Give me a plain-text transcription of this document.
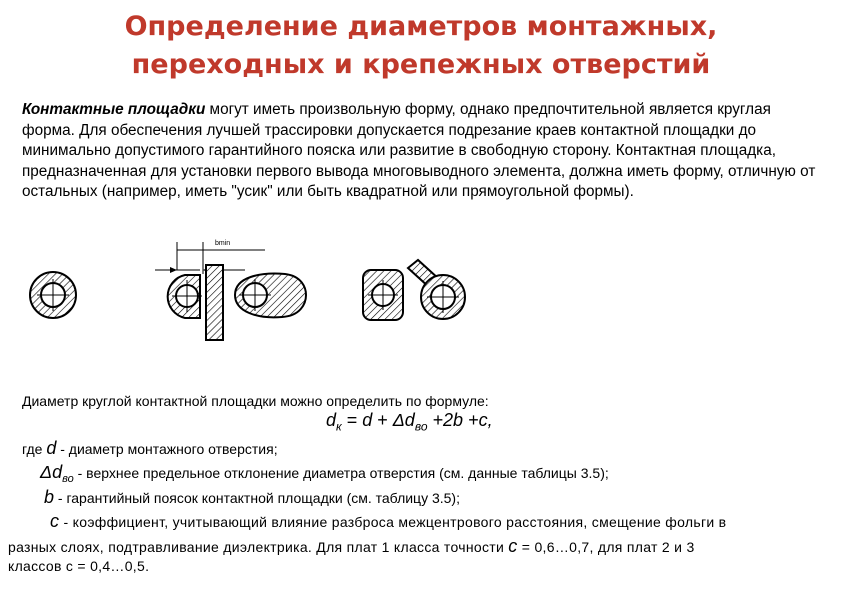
Определение диаметров монтажных,
переходных и крепежных отверстий
Контактные площадки могут иметь произвольную форму, однако предпочтительной является круглая форма. Для обеспечения лучшей трассировки допускается подрезание краев контактной площадки до минимально допустимого гарантийного пояска или развитие в свободную сторону. Контактная площадка, предназначенная для установки первого вывода многовыводного элемента, должна иметь форму, отличную от остальных (например, иметь "усик" или быть квадратной или прямоугольной формы).
bmin
Диаметр круглой контактной площадки можно определить по формуле:
$d_к = d + \Delta d_{во} +2b +c$,
где d - диаметр монтажного отверстия;
$\Delta d_{во}$ - верхнее предельное отклонение диаметра отверстия (см. данные таблицы 3.5);
b - гарантийный поясок контактной площадки (см. таблицу 3.5);
c - коэффициент, учитывающий влияние разброса межцентрового расстояния, смещение фольги в
разных слоях, подтравливание диэлектрика. Для плат 1 класса точности c = 0,6…0,7, для плат 2 и 3
классов c = 0,4…0,5.
